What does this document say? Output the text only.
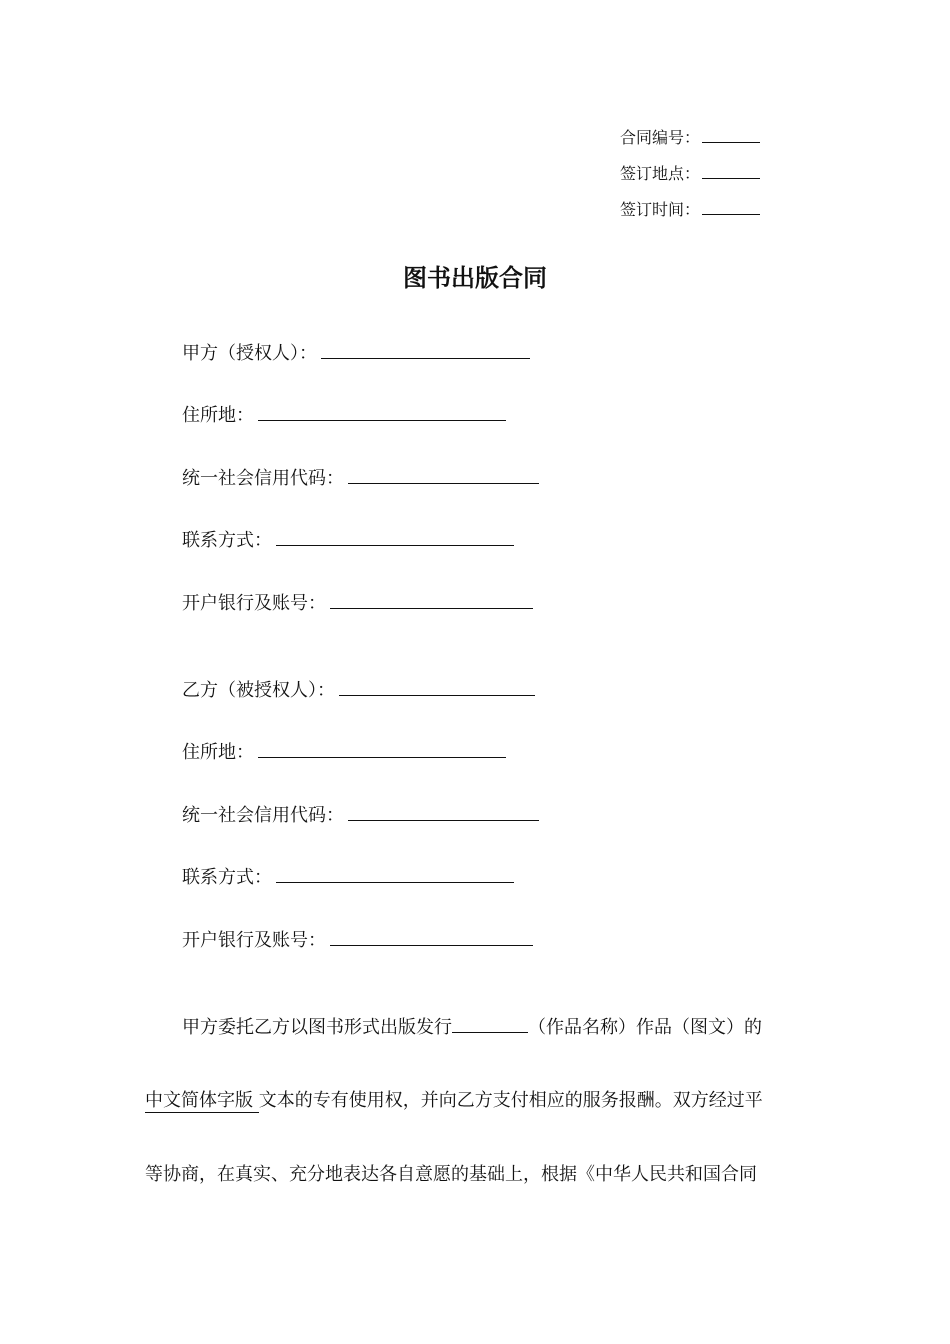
合同编号：
签订地点：
签订时间：
图书出版合同
甲方（授权人）：
住所地：
统一社会信用代码：
联系方式：
开户银行及账号：
乙方（被授权人）：
住所地：
统一社会信用代码：
联系方式：
开户银行及账号：
甲方委托乙方以图书形式出版发行	（作品名称）作品（图文）的
中文简体字版 文本的专有使用权，并向乙方支付相应的服务报酬。双方经过平
等协商，在真实、充分地表达各自意愿的基础上，根据《中华人民共和国合同
